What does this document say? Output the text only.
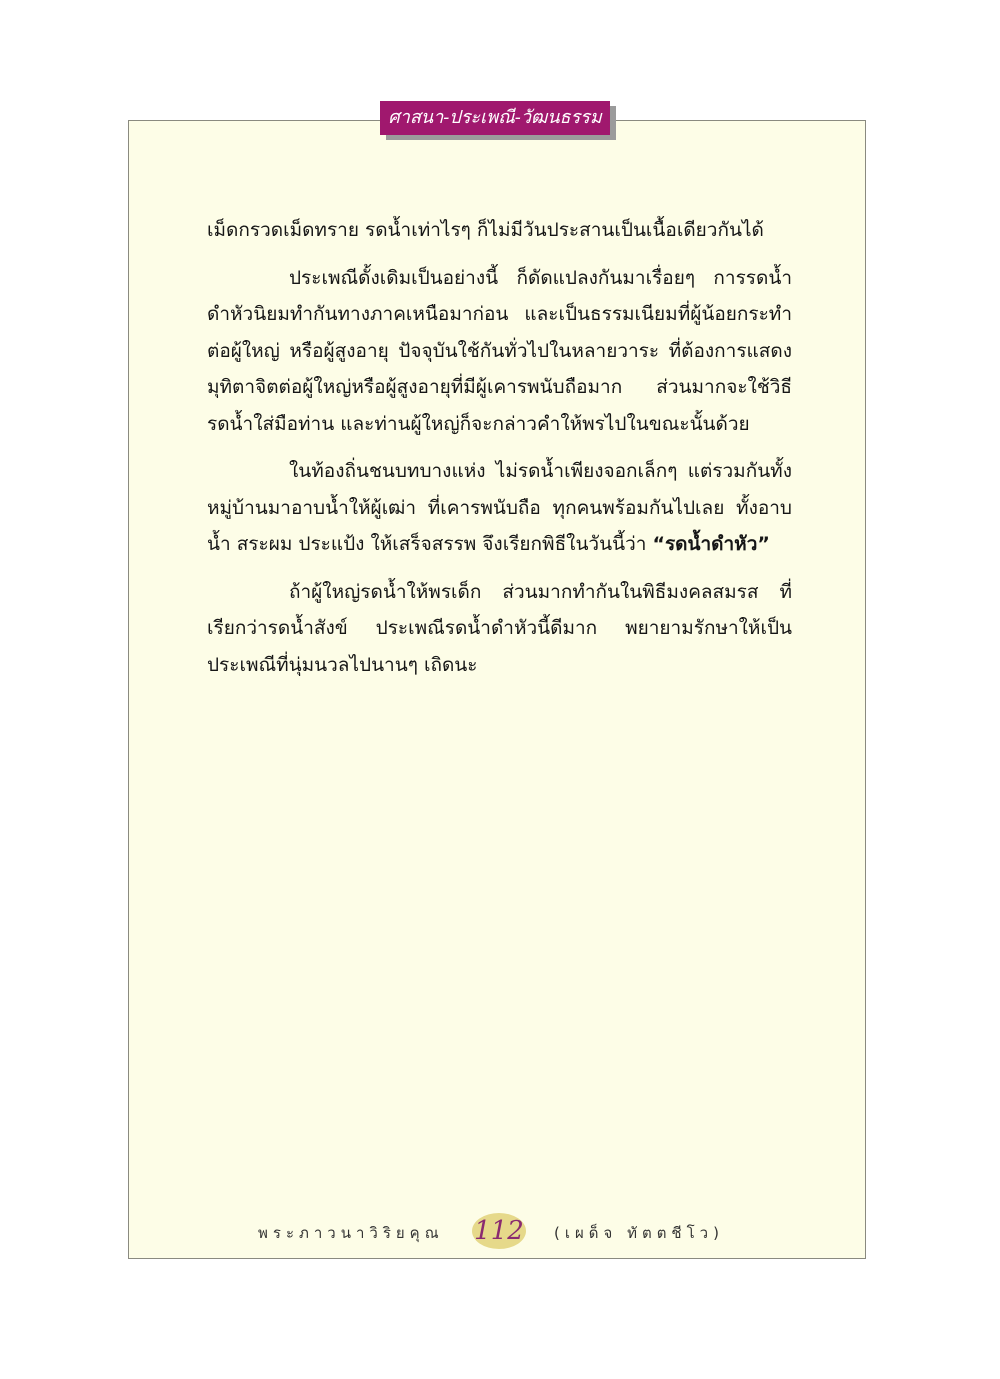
ศาสนา-ประเพณี-วัฒนธรรม

เม็ดกรวดเม็ดทราย รดน้ำเท่าไรๆ ก็ไม่มีวันประสานเป็นเนื้อเดียวกันได้

ประเพณีดั้งเดิมเป็นอย่างนี้ ก็ดัดแปลงกันมาเรื่อยๆ การรดน้ำดำหัวนิยมทำกันทางภาคเหนือมาก่อน และเป็นธรรมเนียมที่ผู้น้อยกระทำต่อผู้ใหญ่ หรือผู้สูงอายุ ปัจจุบันใช้กันทั่วไปในหลายวาระ ที่ต้องการแสดงมุทิตาจิตต่อผู้ใหญ่หรือผู้สูงอายุที่มีผู้เคารพนับถือมาก ส่วนมากจะใช้วิธีรดน้ำใส่มือท่าน และท่านผู้ใหญ่ก็จะกล่าวคำให้พรไปในขณะนั้นด้วย

ในท้องถิ่นชนบทบางแห่ง ไม่รดน้ำเพียงจอกเล็กๆ แต่รวมกันทั้งหมู่บ้านมาอาบน้ำให้ผู้เฒ่า ที่เคารพนับถือ ทุกคนพร้อมกันไปเลย ทั้งอาบน้ำ สระผม ประแป้ง ให้เสร็จสรรพ จึงเรียกพิธีในวันนี้ว่า “รดน้ำดำหัว”

ถ้าผู้ใหญ่รดน้ำให้พรเด็ก ส่วนมากทำกันในพิธีมงคลสมรส ที่เรียกว่ารดน้ำสังข์ ประเพณีรดน้ำดำหัวนี้ดีมาก พยายามรักษาให้เป็นประเพณีที่นุ่มนวลไปนานๆ เถิดนะ

พระภาวนาวิริยคุณ 112 (เผด็จ ทัตตชีโว)
